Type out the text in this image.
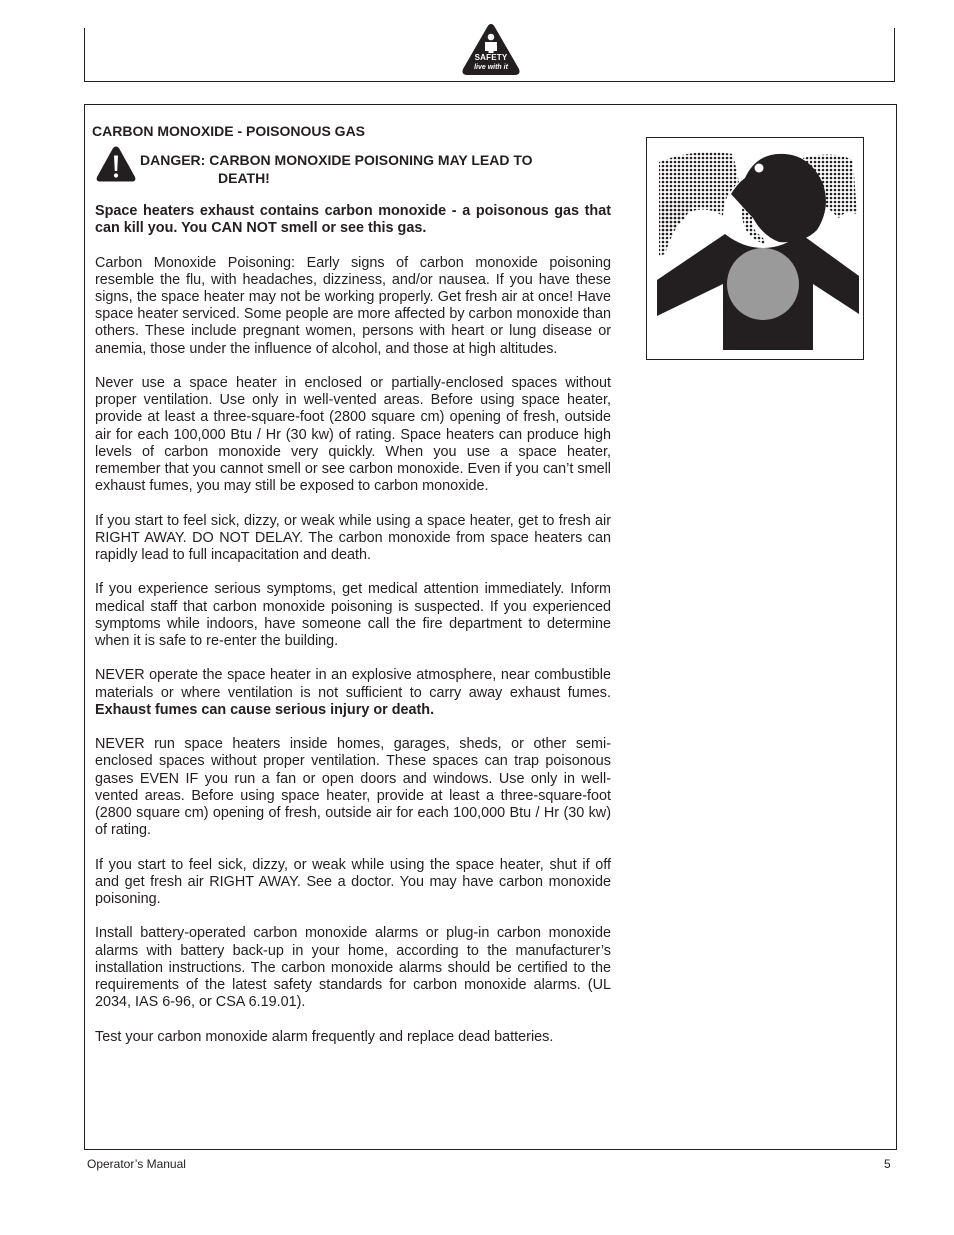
SAFETY
live with it
CARBON MONOXIDE - POISONOUS GAS

DANGER: CARBON MONOXIDE POISONING MAY LEAD TO

DEATH!

Space heaters exhaust contains carbon monoxide - a poisonous gas that can kill you. You CAN NOT smell or see this gas.

Carbon Monoxide Poisoning: Early signs of carbon monoxide poisoning resemble the flu, with headaches, dizziness, and/or nausea. If you have these signs, the space heater may not be working properly. Get fresh air at once! Have space heater serviced. Some people are more affected by carbon monoxide than others. These include pregnant women, persons with heart or lung disease or anemia, those under the influence of alcohol, and those at high altitudes.

Never use a space heater in enclosed or partially-enclosed spaces without proper ventilation. Use only in well-vented areas. Before using space heater, provide at least a three-square-foot (2800 square cm) opening of fresh, outside air for each 100,000 Btu / Hr (30 kw) of rating. Space heaters can produce high levels of carbon monoxide very quickly. When you use a space heater, remember that you cannot smell or see carbon monoxide. Even if you can’t smell exhaust fumes, you may still be exposed to carbon monoxide.

If you start to feel sick, dizzy, or weak while using a space heater, get to fresh air RIGHT AWAY. DO NOT DELAY. The carbon monoxide from space heaters can rapidly lead to full incapacitation and death.

If you experience serious symptoms, get medical attention immediately. Inform medical staff that carbon monoxide poisoning is suspected. If you experienced symptoms while indoors, have someone call the fire department to determine when it is safe to re-enter the building.

NEVER operate the space heater in an explosive atmosphere, near combustible materials or where ventilation is not sufficient to carry away exhaust fumes. Exhaust fumes can cause serious injury or death.

NEVER run space heaters inside homes, garages, sheds, or other semi-enclosed spaces without proper ventilation. These spaces can trap poisonous gases EVEN IF you run a fan or open doors and windows. Use only in well-vented areas. Before using space heater, provide at least a three-square-foot (2800 square cm) opening of fresh, outside air for each 100,000 Btu / Hr (30 kw) of rating.

If you start to feel sick, dizzy, or weak while using the space heater, shut if off and get fresh air RIGHT AWAY. See a doctor. You may have carbon monoxide poisoning.

Install battery-operated carbon monoxide alarms or plug-in carbon monoxide alarms with battery back-up in your home, according to the manufacturer’s installation instructions. The carbon monoxide alarms should be certified to the requirements of the latest safety standards for carbon monoxide alarms. (UL 2034, IAS 6-96, or CSA 6.19.01).

Test your carbon monoxide alarm frequently and replace dead batteries.

Operator’s Manual	5
